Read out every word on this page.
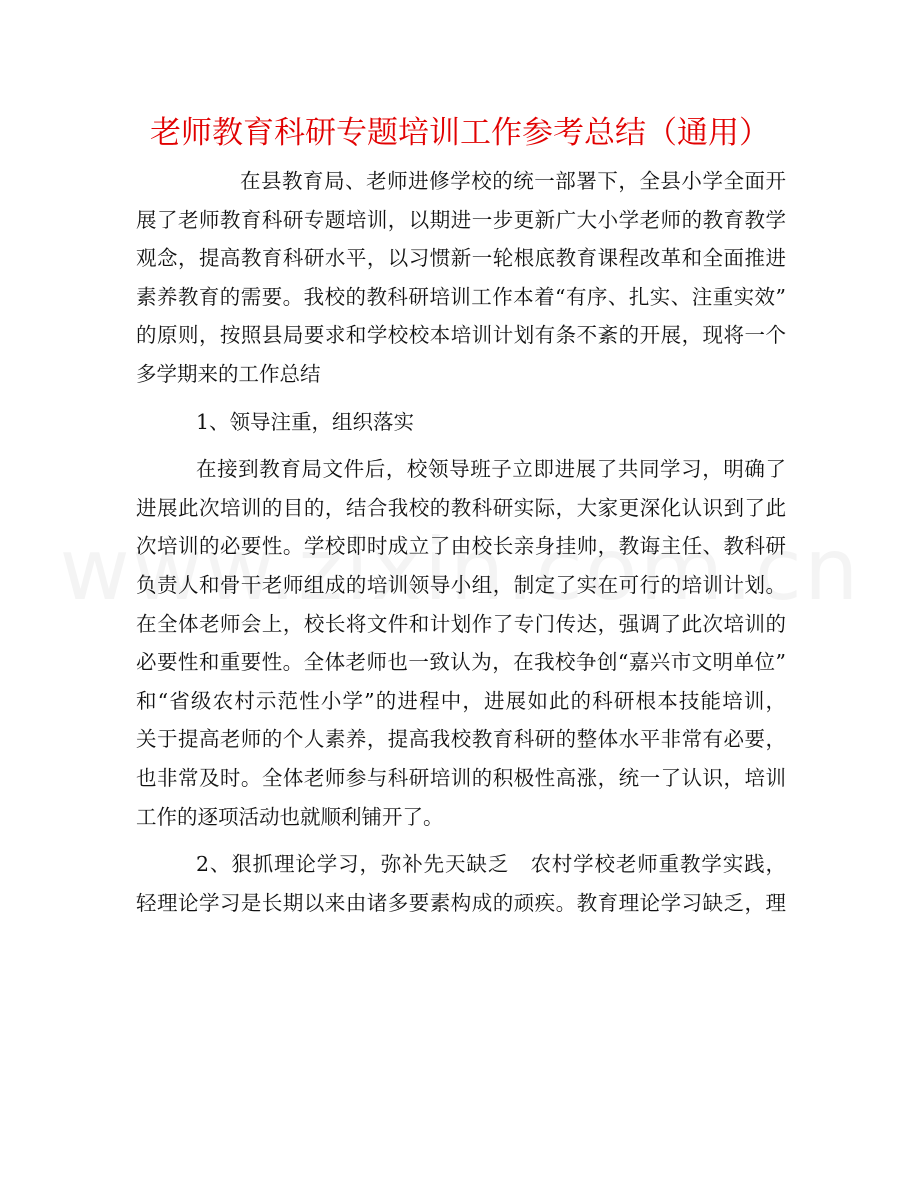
老师教育科研专题培训工作参考总结（通用）
在县教育局、老师进修学校的统一部署下，全县小学全面开
展了老师教育科研专题培训，以期进一步更新广大小学老师的教育教学
观念，提高教育科研水平，以习惯新一轮根底教育课程改革和全面推进
素养教育的需要。我校的教科研培训工作本着“有序、扎实、注重实效”
的原则，按照县局要求和学校校本培训计划有条不紊的开展，现将一个
多学期来的工作总结
1、领导注重，组织落实
在接到教育局文件后，校领导班子立即进展了共同学习，明确了
进展此次培训的目的，结合我校的教科研实际，大家更深化认识到了此
次培训的必要性。学校即时成立了由校长亲身挂帅，教诲主任、教科研
负责人和骨干老师组成的培训领导小组，制定了实在可行的培训计划。
在全体老师会上，校长将文件和计划作了专门传达，强调了此次培训的
必要性和重要性。全体老师也一致认为，在我校争创“嘉兴市文明单位”
和“省级农村示范性小学”的进程中，进展如此的科研根本技能培训，
关于提高老师的个人素养，提高我校教育科研的整体水平非常有必要，
也非常及时。全体老师参与科研培训的积极性高涨，统一了认识，培训
工作的逐项活动也就顺利铺开了。
2、狠抓理论学习，弥补先天缺乏　农村学校老师重教学实践，
轻理论学习是长期以来由诸多要素构成的顽疾。教育理论学习缺乏，理
